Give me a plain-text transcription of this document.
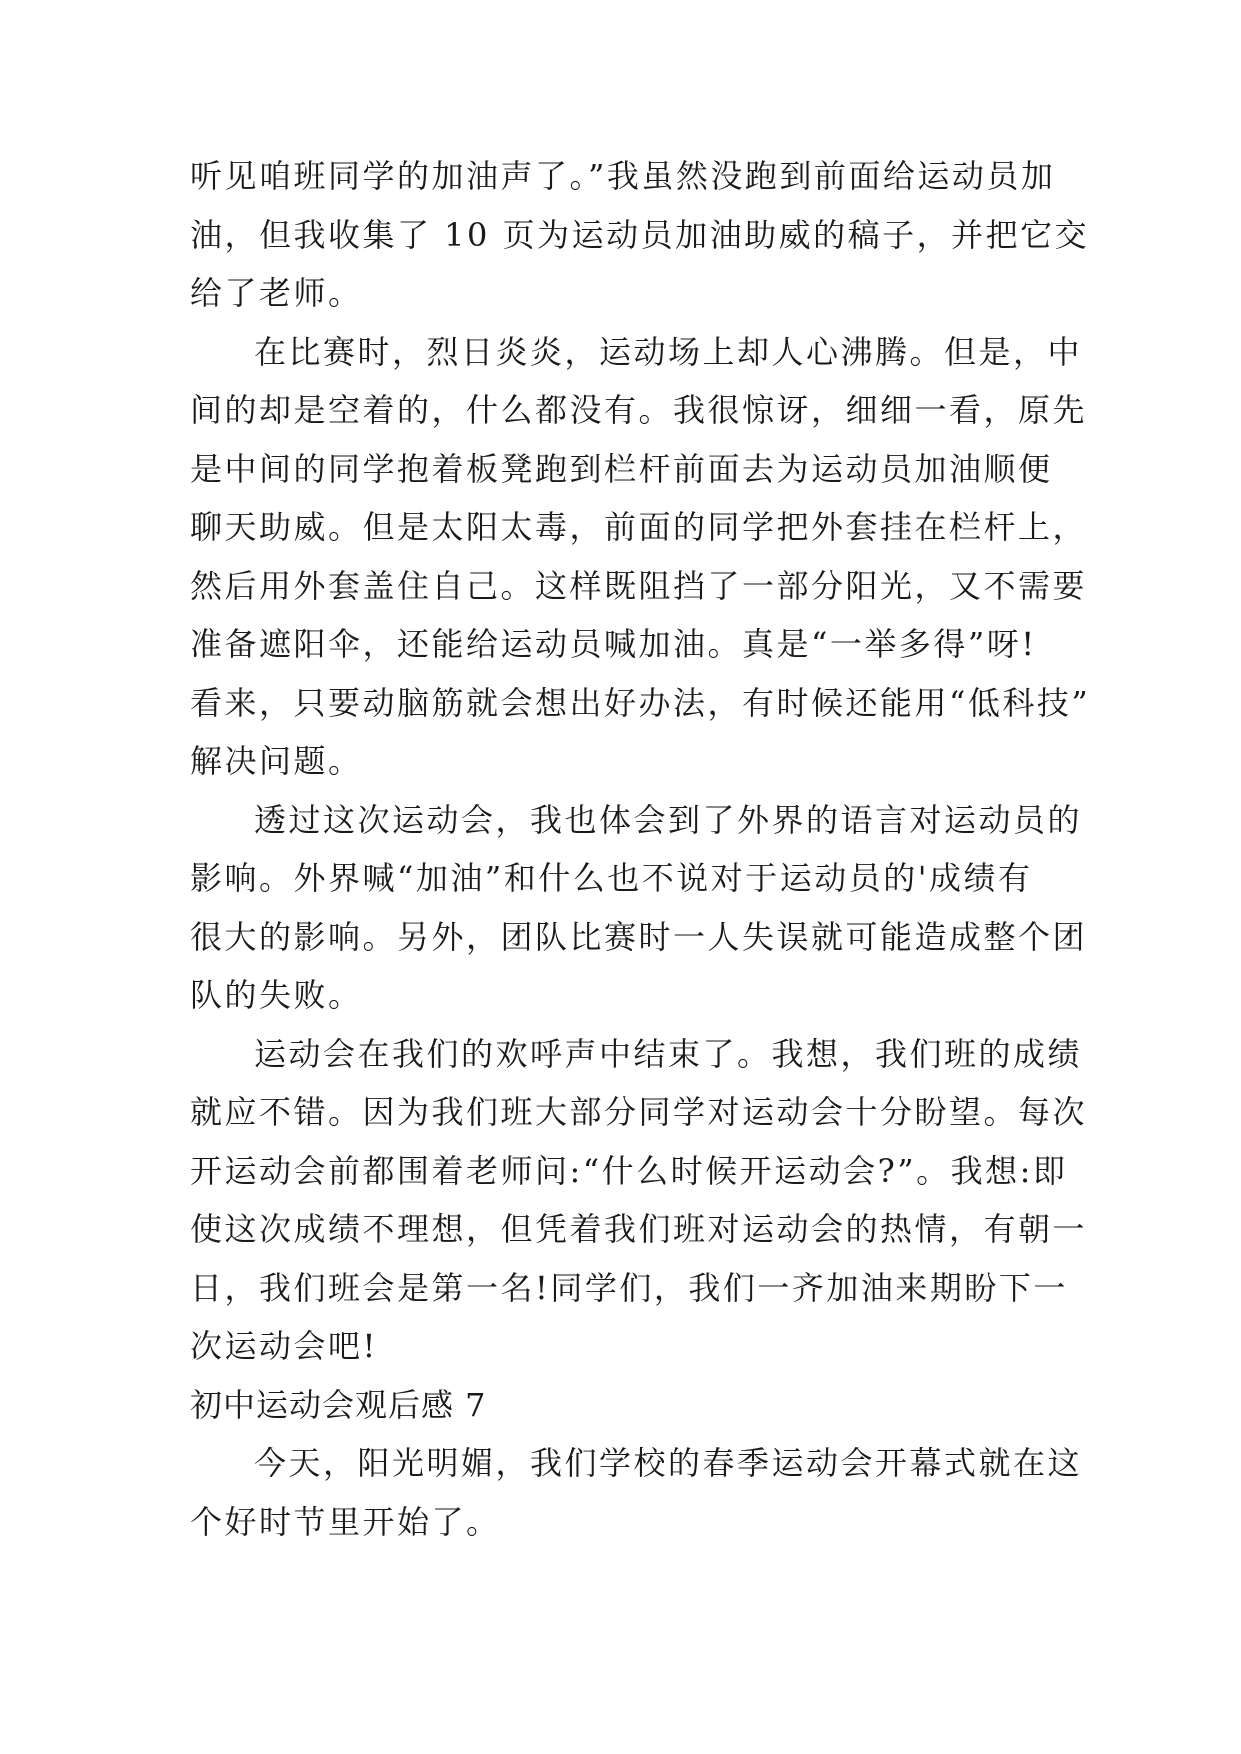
听见咱班同学的加油声了。”我虽然没跑到前面给运动员加
油，但我收集了 10 页为运动员加油助威的稿子，并把它交
给了老师。
在比赛时，烈日炎炎，运动场上却人心沸腾。但是，中
间的却是空着的，什么都没有。我很惊讶，细细一看，原先
是中间的同学抱着板凳跑到栏杆前面去为运动员加油顺便
聊天助威。但是太阳太毒，前面的同学把外套挂在栏杆上，
然后用外套盖住自己。这样既阻挡了一部分阳光，又不需要
准备遮阳伞，还能给运动员喊加油。真是“一举多得”呀!
看来，只要动脑筋就会想出好办法，有时候还能用“低科技”
解决问题。
透过这次运动会，我也体会到了外界的语言对运动员的
影响。外界喊“加油”和什么也不说对于运动员的'成绩有
很大的影响。另外，团队比赛时一人失误就可能造成整个团
队的失败。
运动会在我们的欢呼声中结束了。我想，我们班的成绩
就应不错。因为我们班大部分同学对运动会十分盼望。每次
开运动会前都围着老师问:“什么时候开运动会?”。我想:即
使这次成绩不理想，但凭着我们班对运动会的热情，有朝一
日，我们班会是第一名!同学们，我们一齐加油来期盼下一
次运动会吧!
初中运动会观后感 7
今天，阳光明媚，我们学校的春季运动会开幕式就在这
个好时节里开始了。
